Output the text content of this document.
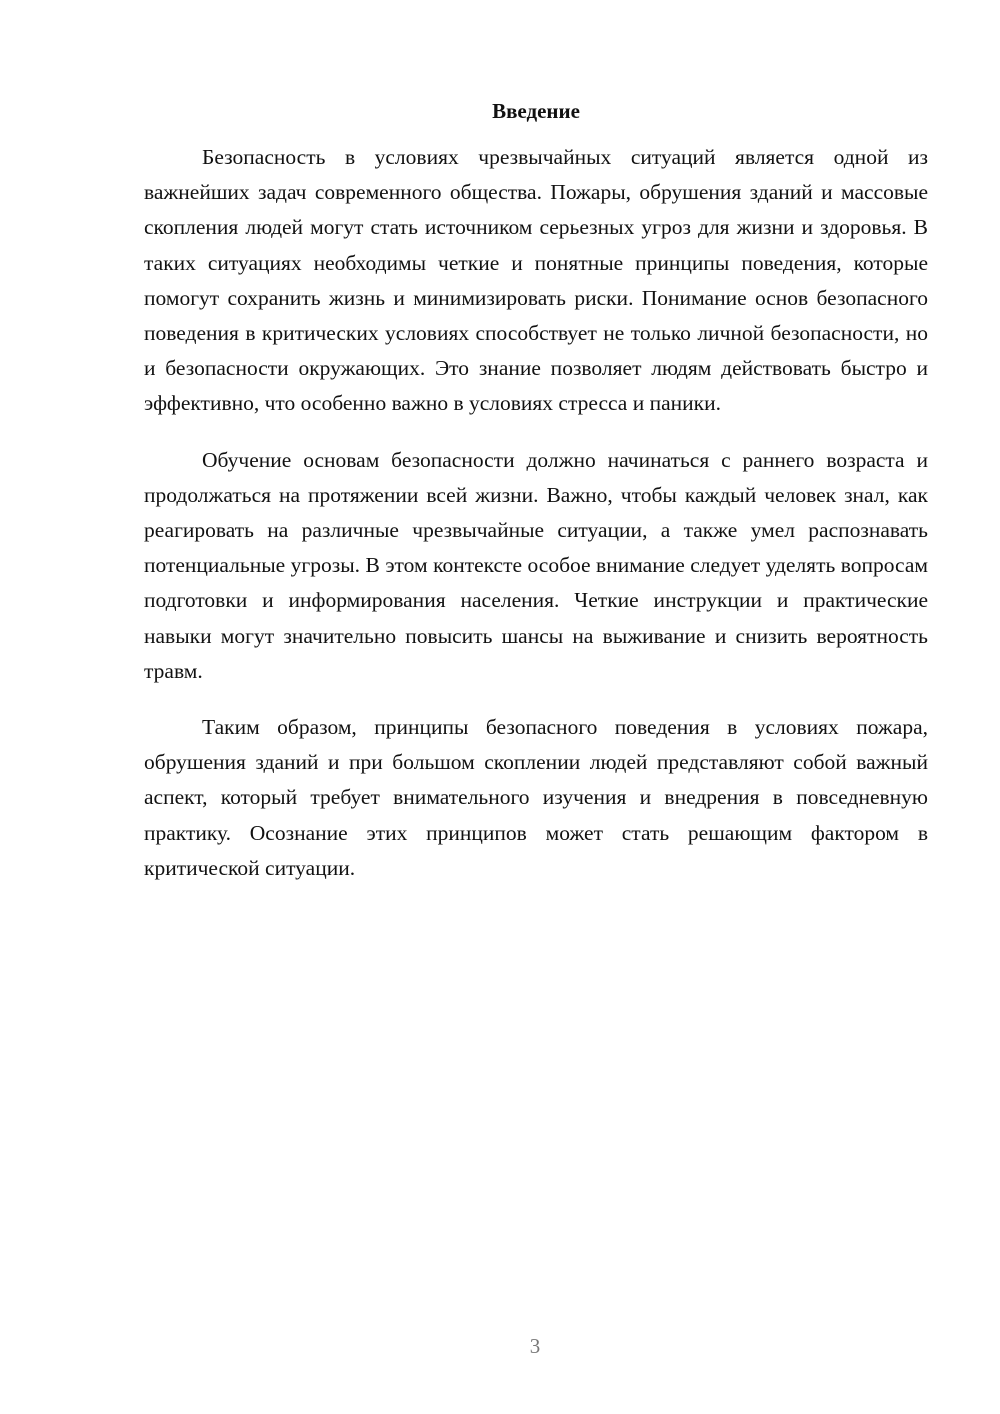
Введение

Безопасность в условиях чрезвычайных ситуаций является одной из важнейших задач современного общества. Пожары, обрушения зданий и массовые скопления людей могут стать источником серьезных угроз для жизни и здоровья. В таких ситуациях необходимы четкие и понятные принципы поведения, которые помогут сохранить жизнь и минимизировать риски. Понимание основ безопасного поведения в критических условиях способствует не только личной безопасности, но и безопасности окружающих. Это знание позволяет людям действовать быстро и эффективно, что особенно важно в условиях стресса и паники.

Обучение основам безопасности должно начинаться с раннего возраста и продолжаться на протяжении всей жизни. Важно, чтобы каждый человек знал, как реагировать на различные чрезвычайные ситуации, а также умел распознавать потенциальные угрозы. В этом контексте особое внимание следует уделять вопросам подготовки и информирования населения. Четкие инструкции и практические навыки могут значительно повысить шансы на выживание и снизить вероятность травм.

Таким образом, принципы безопасного поведения в условиях пожара, обрушения зданий и при большом скоплении людей представляют собой важный аспект, который требует внимательного изучения и внедрения в повседневную практику. Осознание этих принципов может стать решающим фактором в критической ситуации.

3
